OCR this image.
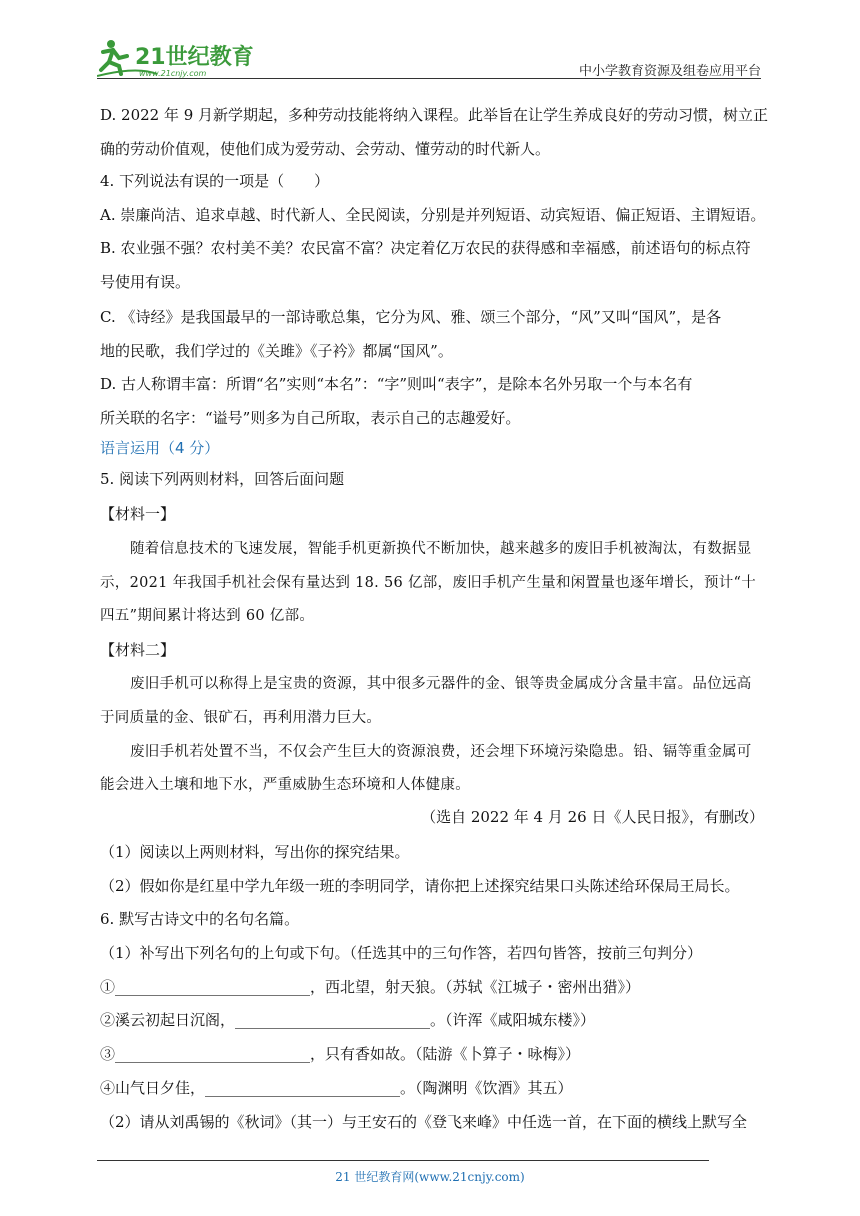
21世纪教育
www.21cnjy.com	中小学教育资源及组卷应用平台
D. 2022 年 9 月新学期起，多种劳动技能将纳入课程。此举旨在让学生养成良好的劳动习惯，树立正
确的劳动价值观，使他们成为爱劳动、会劳动、懂劳动的时代新人。
4. 下列说法有误的一项是（　　）
A. 崇廉尚洁、追求卓越、时代新人、全民阅读，分别是并列短语、动宾短语、偏正短语、主谓短语。
B. 农业强不强？农村美不美？农民富不富？决定着亿万农民的获得感和幸福感，前述语句的标点符
号使用有误。
C. 《诗经》是我国最早的一部诗歌总集，它分为风、雅、颂三个部分，“风”又叫“国风”，是各
地的民歌，我们学过的《关雎》《子衿》都属“国风”。
D. 古人称谓丰富：所谓“名”实则“本名”：“字”则叫“表字”，是除本名外另取一个与本名有
所关联的名字：“谥号”则多为自己所取，表示自己的志趣爱好。
语言运用（4 分）
5. 阅读下列两则材料，回答后面问题
【材料一】
随着信息技术的飞速发展，智能手机更新换代不断加快，越来越多的废旧手机被淘汰，有数据显
示，2021 年我国手机社会保有量达到 18. 56 亿部，废旧手机产生量和闲置量也逐年增长，预计“十
四五”期间累计将达到 60 亿部。
【材料二】
废旧手机可以称得上是宝贵的资源，其中很多元器件的金、银等贵金属成分含量丰富。品位远高
于同质量的金、银矿石，再利用潜力巨大。
废旧手机若处置不当，不仅会产生巨大的资源浪费，还会埋下环境污染隐患。铅、镉等重金属可
能会进入土壤和地下水，严重威胁生态环境和人体健康。
（选自 2022 年 4 月 26 日《人民日报》，有删改）
（1）阅读以上两则材料，写出你的探究结果。
（2）假如你是红星中学九年级一班的李明同学，请你把上述探究结果口头陈述给环保局王局长。
6. 默写古诗文中的名句名篇。
（1）补写出下列名句的上句或下句。（任选其中的三句作答，若四句皆答，按前三句判分）
①__________________________，西北望，射天狼。（苏轼《江城子・密州出猎》）
②溪云初起日沉阁，__________________________。（许浑《咸阳城东楼》）
③__________________________，只有香如故。（陆游《卜算子・咏梅》）
④山气日夕佳，__________________________。（陶渊明《饮酒》其五）
（2）请从刘禹锡的《秋词》（其一）与王安石的《登飞来峰》中任选一首，在下面的横线上默写全
21 世纪教育网(www.21cnjy.com)
